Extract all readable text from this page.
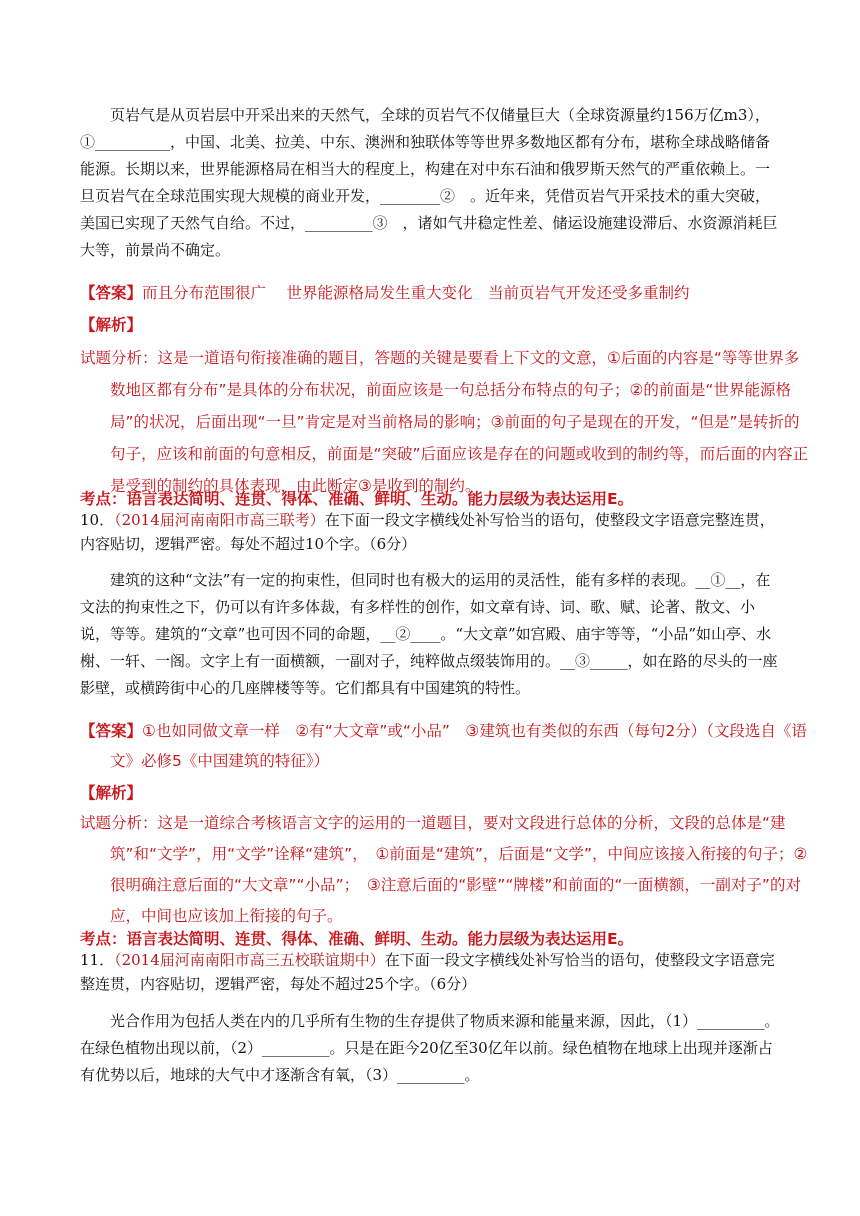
页岩气是从页岩层中开采出来的天然气，全球的页岩气不仅储量巨大（全球资源量约156万亿m3），①__________，中国、北美、拉美、中东、澳洲和独联体等等世界多数地区都有分布，堪称全球战略储备能源。长期以来，世界能源格局在相当大的程度上，构建在对中东石油和俄罗斯天然气的严重依赖上。一旦页岩气在全球范围实现大规模的商业开发，________②　。近年来，凭借页岩气开采技术的重大突破，美国已实现了天然气自给。不过，_________③　，诸如气井稳定性差、储运设施建设滞后、水资源消耗巨大等，前景尚不确定。

【答案】而且分布范围很广　 世界能源格局发生重大变化　当前页岩气开发还受多重制约

【解析】

试题分析：这是一道语句衔接准确的题目，答题的关键是要看上下文的文意，①后面的内容是“等等世界多数地区都有分布”是具体的分布状况，前面应该是一句总括分布特点的句子；②的前面是“世界能源格局”的状况，后面出现“一旦”肯定是对当前格局的影响；③前面的句子是现在的开发，“但是”是转折的句子，应该和前面的句意相反，前面是“突破”后面应该是存在的问题或收到的制约等，而后面的内容正是受到的制约的具体表现，由此断定③是收到的制约。

考点：语言表达简明、连贯、得体、准确、鲜明、生动。能力层级为表达运用E。

10．（2014届河南南阳市高三联考）在下面一段文字横线处补写恰当的语句，使整段文字语意完整连贯，内容贴切，逻辑严密。每处不超过10个字。（6分）

建筑的这种“文法”有一定的拘束性，但同时也有极大的运用的灵活性，能有多样的表现。__①__，在文法的拘束性之下，仍可以有许多体裁，有多样性的创作，如文章有诗、词、歌、赋、论著、散文、小说，等等。建筑的“文章”也可因不同的命题，__②____。“大文章”如宫殿、庙宇等等，“小品”如山亭、水榭、一轩、一阁。文字上有一面横额，一副对子，纯粹做点缀装饰用的。__③_____，如在路的尽头的一座影壁，或横跨街中心的几座牌楼等等。它们都具有中国建筑的特性。

【答案】①也如同做文章一样　②有“大文章”或“小品”　③建筑也有类似的东西（每句2分）（文段选自《语文》必修5《中国建筑的特征》）

【解析】

试题分析：这是一道综合考核语言文字的运用的一道题目，要对文段进行总体的分析，文段的总体是“建筑”和“文学”，用“文学”诠释“建筑”，　①前面是“建筑”，后面是“文学”，中间应该接入衔接的句子；②很明确注意后面的“大文章”“小品”；　③注意后面的“影壁”“牌楼”和前面的“一面横额，一副对子”的对应，中间也应该加上衔接的句子。

考点：语言表达简明、连贯、得体、准确、鲜明、生动。能力层级为表达运用E。

11．（2014届河南南阳市高三五校联谊期中）在下面一段文字横线处补写恰当的语句，使整段文字语意完整连贯，内容贴切，逻辑严密，每处不超过25个字。（6分）

光合作用为包括人类在内的几乎所有生物的生存提供了物质来源和能量来源，因此，（1）_________。在绿色植物出现以前，（2）_________。只是在距今20亿至30亿年以前。绿色植物在地球上出现并逐渐占有优势以后，地球的大气中才逐渐含有氧，（3）_________。
